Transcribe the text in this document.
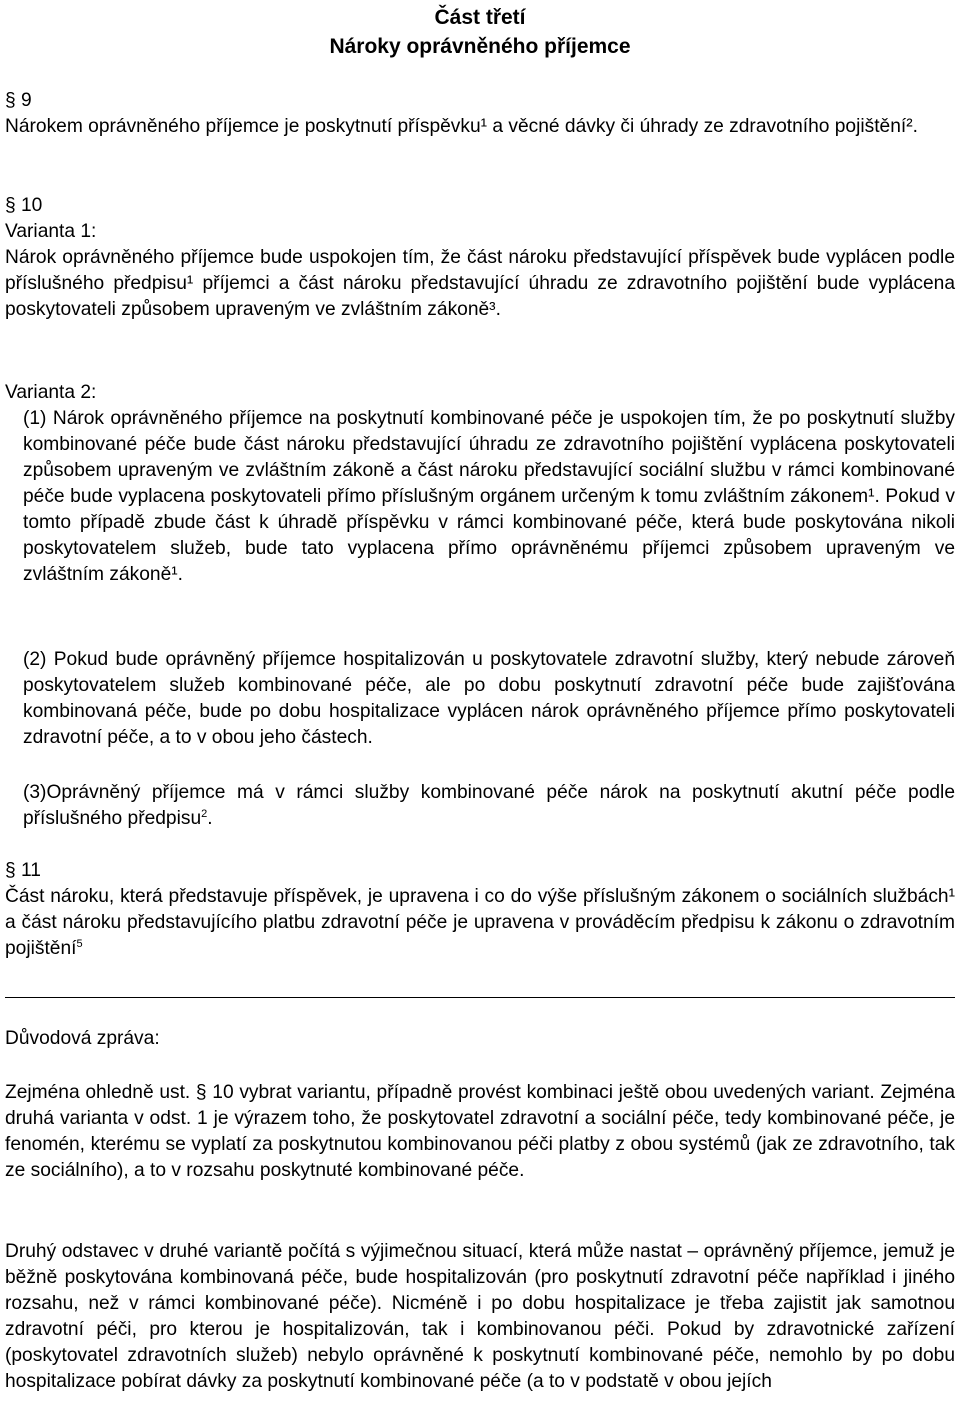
Část třetí
Nároky oprávněného příjemce
§ 9
Nárokem oprávněného příjemce je poskytnutí příspěvku¹ a věcné dávky či úhrady ze zdravotního pojištění².
§ 10
Varianta 1:
Nárok oprávněného příjemce bude uspokojen tím, že část nároku představující příspěvek bude vyplácen podle příslušného předpisu¹ příjemci a část nároku představující úhradu ze zdravotního pojištění bude vyplácena poskytovateli způsobem upraveným ve zvláštním zákoně³.
Varianta 2:
(1) Nárok oprávněného příjemce na poskytnutí kombinované péče je uspokojen tím, že po poskytnutí služby kombinované péče bude část nároku představující úhradu ze zdravotního pojištění vyplácena poskytovateli způsobem upraveným ve zvláštním zákoně a část nároku představující sociální službu v rámci kombinované péče bude vyplacena poskytovateli přímo příslušným orgánem určeným k tomu zvláštním zákonem¹. Pokud v tomto případě zbude část k úhradě příspěvku v rámci kombinované péče, která bude poskytována nikoli poskytovatelem služeb, bude tato vyplacena přímo oprávněnému příjemci způsobem upraveným ve zvláštním zákoně¹.
(2) Pokud bude oprávněný příjemce hospitalizován u poskytovatele zdravotní služby, který nebude zároveň poskytovatelem služeb kombinované péče, ale po dobu poskytnutí zdravotní péče bude zajišťována kombinovaná péče, bude po dobu hospitalizace vyplácen nárok oprávněného příjemce přímo poskytovateli zdravotní péče, a to v obou jeho částech.
(3)Oprávněný příjemce má v rámci služby kombinované péče nárok na poskytnutí akutní péče podle příslušného předpisu$^2$.
§ 11
Část nároku, která představuje příspěvek, je upravena i co do výše příslušným zákonem o sociálních službách¹ a část nároku představujícího platbu zdravotní péče je upravena v prováděcím předpisu k zákonu o zdravotním pojištění$^5$
Důvodová zpráva:
Zejména ohledně ust. § 10 vybrat variantu, případně provést kombinaci ještě obou uvedených variant. Zejména druhá varianta v odst. 1 je výrazem toho, že poskytovatel zdravotní a sociální péče, tedy kombinované péče, je fenomén, kterému se vyplatí za poskytnutou kombinovanou péči platby z obou systémů (jak ze zdravotního, tak ze sociálního), a to v rozsahu poskytnuté kombinované péče.
Druhý odstavec v druhé variantě počítá s výjimečnou situací, která může nastat – oprávněný příjemce, jemuž je běžně poskytována kombinovaná péče, bude hospitalizován (pro poskytnutí zdravotní péče například i jiného rozsahu, než v rámci kombinované péče). Nicméně i po dobu hospitalizace je třeba zajistit jak samotnou zdravotní péči, pro kterou je hospitalizován, tak i kombinovanou péči. Pokud by zdravotnické zařízení (poskytovatel zdravotních služeb) nebylo oprávněné k poskytnutí kombinované péče, nemohlo by po dobu hospitalizace pobírat dávky za poskytnutí kombinované péče (a to v podstatě v obou jejích
